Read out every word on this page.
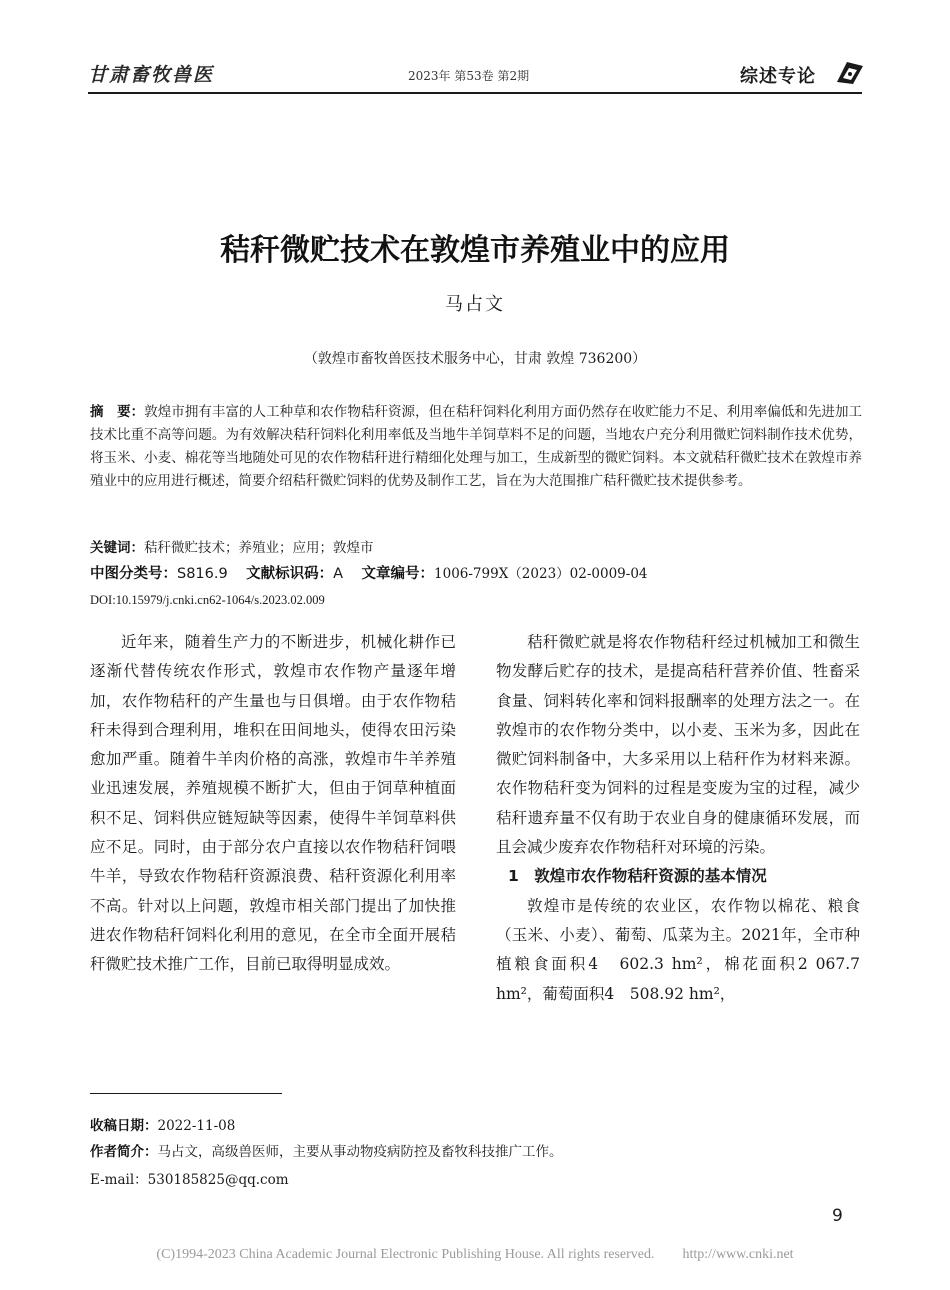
甘肃畜牧兽医	2023年 第53卷 第2期	综述专论
秸秆微贮技术在敦煌市养殖业中的应用
马占文
（敦煌市畜牧兽医技术服务中心，甘肃 敦煌 736200）
摘　要：敦煌市拥有丰富的人工种草和农作物秸秆资源，但在秸秆饲料化利用方面仍然存在收贮能力不足、利用率偏低和先进加工技术比重不高等问题。为有效解决秸秆饲料化利用率低及当地牛羊饲草料不足的问题，当地农户充分利用微贮饲料制作技术优势，将玉米、小麦、棉花等当地随处可见的农作物秸秆进行精细化处理与加工，生成新型的微贮饲料。本文就秸秆微贮技术在敦煌市养殖业中的应用进行概述，简要介绍秸秆微贮饲料的优势及制作工艺，旨在为大范围推广秸秆微贮技术提供参考。
关键词：秸秆微贮技术；养殖业；应用；敦煌市
中图分类号：S816.9 文献标识码：A 文章编号：1006-799X（2023）02-0009-04
DOI:10.15979/j.cnki.cn62-1064/s.2023.02.009

近年来，随着生产力的不断进步，机械化耕作已逐渐代替传统农作形式，敦煌市农作物产量逐年增加，农作物秸秆的产生量也与日俱增。由于农作物秸秆未得到合理利用，堆积在田间地头，使得农田污染愈加严重。随着牛羊肉价格的高涨，敦煌市牛羊养殖业迅速发展，养殖规模不断扩大，但由于饲草种植面积不足、饲料供应链短缺等因素，使得牛羊饲草料供应不足。同时，由于部分农户直接以农作物秸秆饲喂牛羊，导致农作物秸秆资源浪费、秸秆资源化利用率不高。针对以上问题，敦煌市相关部门提出了加快推进农作物秸秆饲料化利用的意见，在全市全面开展秸秆微贮技术推广工作，目前已取得明显成效。

秸秆微贮就是将农作物秸秆经过机械加工和微生物发酵后贮存的技术，是提高秸秆营养价值、牲畜采食量、饲料转化率和饲料报酬率的处理方法之一。在敦煌市的农作物分类中，以小麦、玉米为多，因此在微贮饲料制备中，大多采用以上秸秆作为材料来源。农作物秸秆变为饲料的过程是变废为宝的过程，减少秸秆遗弃量不仅有助于农业自身的健康循环发展，而且会减少废弃农作物秸秆对环境的污染。

1　敦煌市农作物秸秆资源的基本情况

敦煌市是传统的农业区，农作物以棉花、粮食（玉米、小麦）、葡萄、瓜菜为主。2021年，全市种植粮食面积4　602.3 hm²，棉花面积2 067.7 hm²，葡萄面积4　508.92 hm²，

收稿日期：2022-11-08
作者简介：马占文，高级兽医师，主要从事动物疫病防控及畜牧科技推广工作。
E-mail：530185825@qq.com
9
(C)1994-2023 China Academic Journal Electronic Publishing House. All rights reserved.　　http://www.cnki.net
